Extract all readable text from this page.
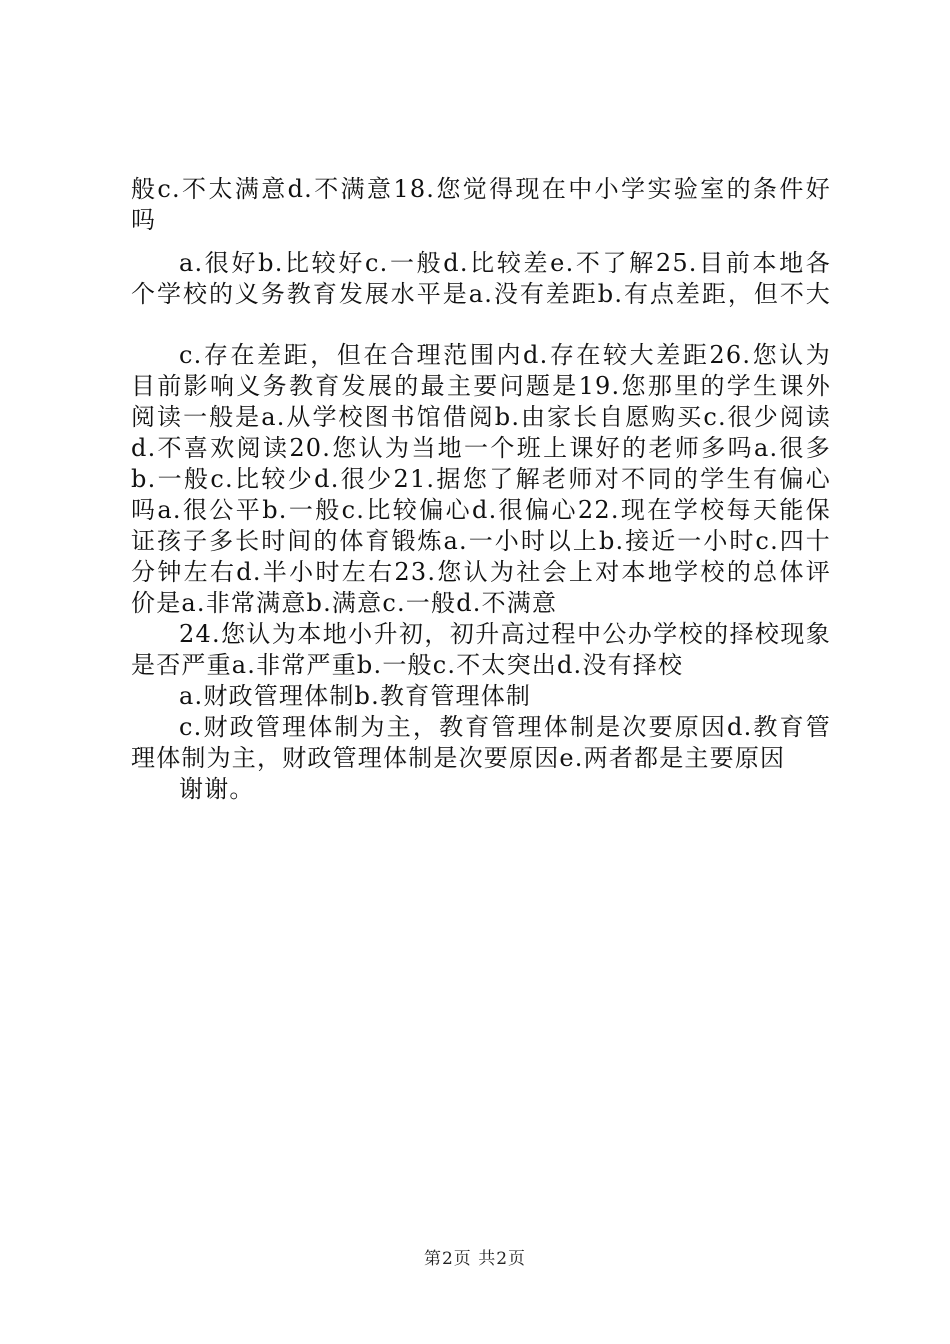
般c.不太满意d.不满意18.您觉得现在中小学实验室的条件好

吗

a.很好b.比较好c.一般d.比较差e.不了解25.目前本地各

个学校的义务教育发展水平是a.没有差距b.有点差距，但不大

c.存在差距，但在合理范围内d.存在较大差距26.您认为

目前影响义务教育发展的最主要问题是19.您那里的学生课外

阅读一般是a.从学校图书馆借阅b.由家长自愿购买c.很少阅读

d.不喜欢阅读20.您认为当地一个班上课好的老师多吗a.很多

b.一般c.比较少d.很少21.据您了解老师对不同的学生有偏心

吗a.很公平b.一般c.比较偏心d.很偏心22.现在学校每天能保

证孩子多长时间的体育锻炼a.一小时以上b.接近一小时c.四十

分钟左右d.半小时左右23.您认为社会上对本地学校的总体评

价是a.非常满意b.满意c.一般d.不满意

24.您认为本地小升初，初升高过程中公办学校的择校现象

是否严重a.非常严重b.一般c.不太突出d.没有择校

a.财政管理体制b.教育管理体制

c.财政管理体制为主，教育管理体制是次要原因d.教育管

理体制为主，财政管理体制是次要原因e.两者都是主要原因

谢谢。

第2页 共2页
